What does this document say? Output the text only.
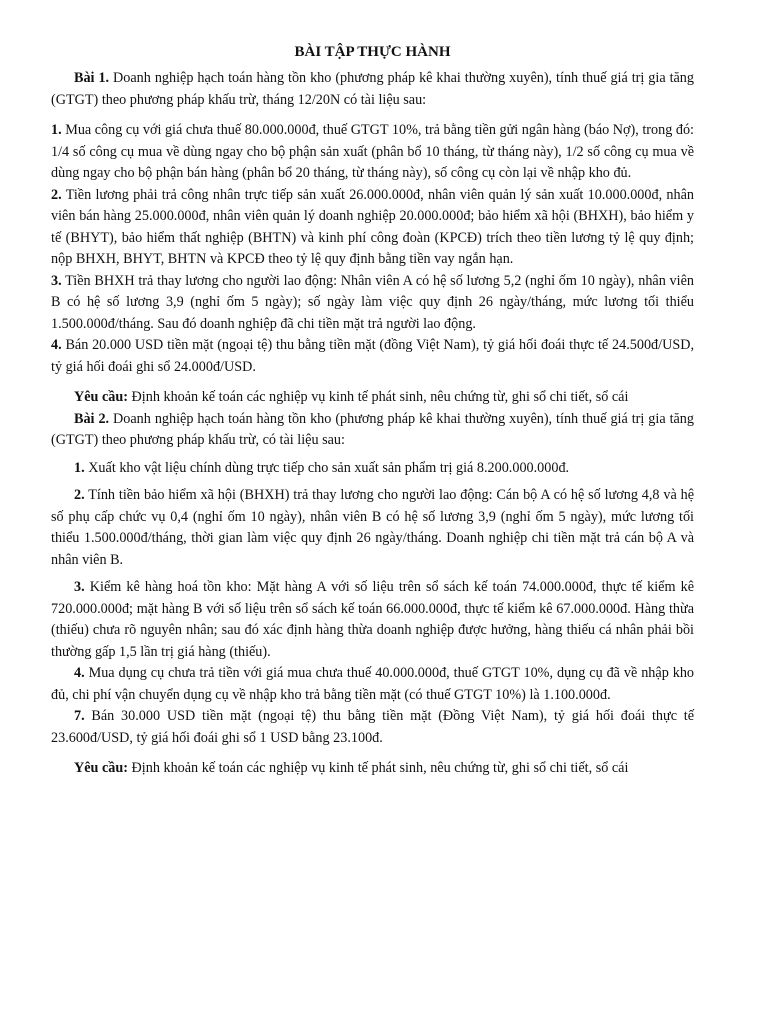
BÀI TẬP THỰC HÀNH

Bài 1. Doanh nghiệp hạch toán hàng tồn kho (phương pháp kê khai thường xuyên), tính thuế giá trị gia tăng (GTGT) theo phương pháp khấu trừ, tháng 12/20N có tài liệu sau:

1. Mua công cụ với giá chưa thuế 80.000.000đ, thuế GTGT 10%, trả bằng tiền gửi ngân hàng (báo Nợ), trong đó: 1/4 số công cụ mua về dùng ngay cho bộ phận sản xuất (phân bổ 10 tháng, từ tháng này), 1/2 số công cụ mua về dùng ngay cho bộ phận bán hàng (phân bổ 20 tháng, từ tháng này), số công cụ còn lại về nhập kho đủ.

2. Tiền lương phải trả công nhân trực tiếp sản xuất 26.000.000đ, nhân viên quản lý sản xuất 10.000.000đ, nhân viên bán hàng 25.000.000đ, nhân viên quản lý doanh nghiệp 20.000.000đ; bảo hiểm xã hội (BHXH), bảo hiểm y tế (BHYT), bảo hiểm thất nghiệp (BHTN) và kinh phí công đoàn (KPCĐ) trích theo tiền lương tỷ lệ quy định; nộp BHXH, BHYT, BHTN và KPCĐ theo tỷ lệ quy định bằng tiền vay ngắn hạn.

3. Tiền BHXH trả thay lương cho người lao động: Nhân viên A có hệ số lương 5,2 (nghỉ ốm 10 ngày), nhân viên B có hệ số lương 3,9 (nghỉ ốm 5 ngày); số ngày làm việc quy định 26 ngày/tháng, mức lương tối thiểu 1.500.000đ/tháng. Sau đó doanh nghiệp đã chi tiền mặt trả người lao động.

4. Bán 20.000 USD tiền mặt (ngoại tệ) thu bằng tiền mặt (đồng Việt Nam), tỷ giá hối đoái thực tế 24.500đ/USD, tỷ giá hối đoái ghi sổ 24.000đ/USD.

Yêu cầu: Định khoản kế toán các nghiệp vụ kinh tế phát sinh, nêu chứng từ, ghi sổ chi tiết, sổ cái

Bài 2. Doanh nghiệp hạch toán hàng tồn kho (phương pháp kê khai thường xuyên), tính thuế giá trị gia tăng (GTGT) theo phương pháp khấu trừ, có tài liệu sau:

1. Xuất kho vật liệu chính dùng trực tiếp cho sản xuất sản phẩm trị giá 8.200.000.000đ.

2. Tính tiền bảo hiểm xã hội (BHXH) trả thay lương cho người lao động: Cán bộ A có hệ số lương 4,8 và hệ số phụ cấp chức vụ 0,4 (nghỉ ốm 10 ngày), nhân viên B có hệ số lương 3,9 (nghỉ ốm 5 ngày), mức lương tối thiểu 1.500.000đ/tháng, thời gian làm việc quy định 26 ngày/tháng. Doanh nghiệp chi tiền mặt trả cán bộ A và nhân viên B.

3. Kiểm kê hàng hoá tồn kho: Mặt hàng A với số liệu trên sổ sách kế toán 74.000.000đ, thực tế kiểm kê 720.000.000đ; mặt hàng B với số liệu trên sổ sách kế toán 66.000.000đ, thực tế kiểm kê 67.000.000đ. Hàng thừa (thiếu) chưa rõ nguyên nhân; sau đó xác định hàng thừa doanh nghiệp được hưởng, hàng thiếu cá nhân phải bồi thường gấp 1,5 lần trị giá hàng (thiếu).

4. Mua dụng cụ chưa trả tiền với giá mua chưa thuế 40.000.000đ, thuế GTGT 10%, dụng cụ đã về nhập kho đủ, chi phí vận chuyển dụng cụ về nhập kho trả bằng tiền mặt (có thuế GTGT 10%) là 1.100.000đ.

7. Bán 30.000 USD tiền mặt (ngoại tệ) thu bằng tiền mặt (Đồng Việt Nam), tỷ giá hối đoái thực tế 23.600đ/USD, tỷ giá hối đoái ghi sổ 1 USD bằng 23.100đ.

Yêu cầu: Định khoản kế toán các nghiệp vụ kinh tế phát sinh, nêu chứng từ, ghi sổ chi tiết, sổ cái
